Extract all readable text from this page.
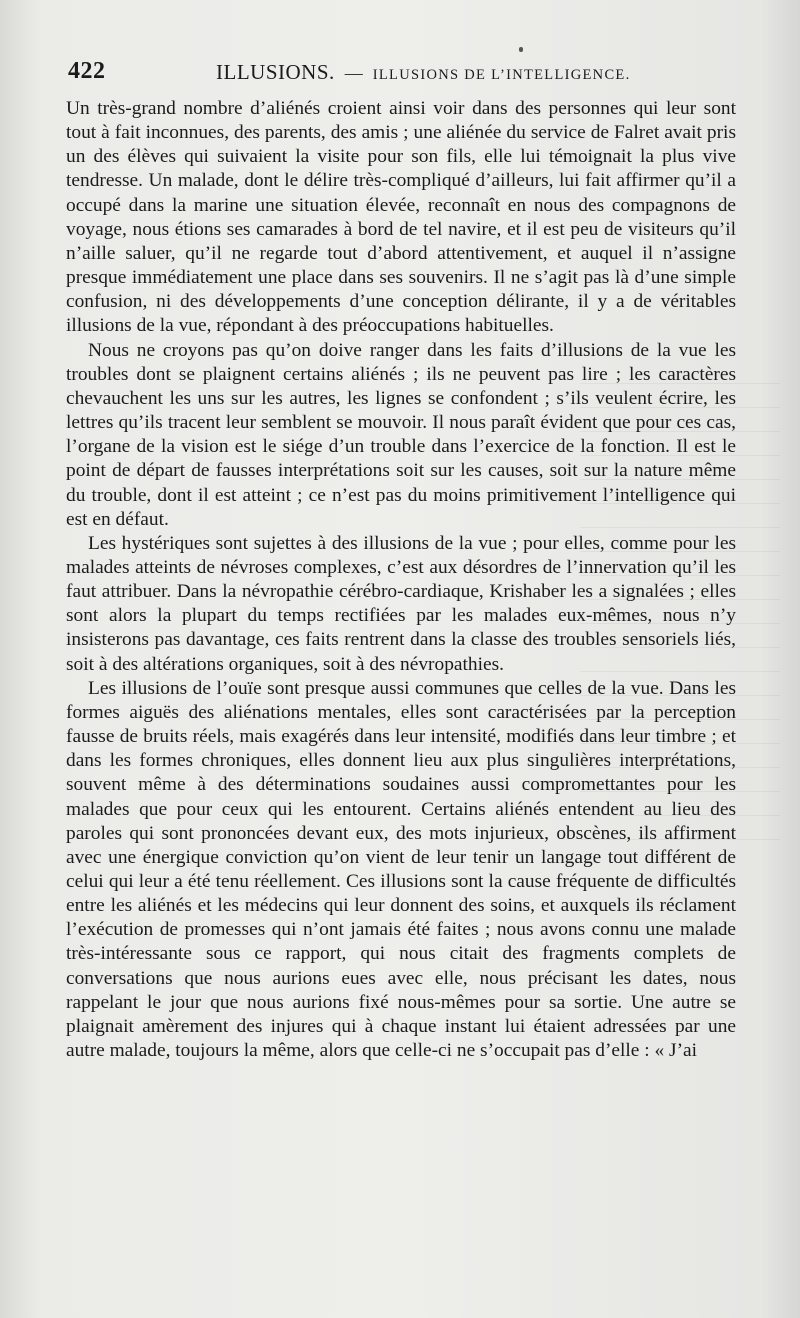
422	ILLUSIONS. — ILLUSIONS DE L’INTELLIGENCE.

Un très-grand nombre d’aliénés croient ainsi voir dans des personnes qui leur sont tout à fait inconnues, des parents, des amis ; une aliénée du service de Falret avait pris un des élèves qui suivaient la visite pour son fils, elle lui témoignait la plus vive tendresse. Un malade, dont le délire très-compliqué d’ailleurs, lui fait affirmer qu’il a occupé dans la marine une situation élevée, reconnaît en nous des compagnons de voyage, nous étions ses camarades à bord de tel navire, et il est peu de visiteurs qu’il n’aille saluer, qu’il ne regarde tout d’abord attentivement, et auquel il n’assigne presque immédiatement une place dans ses souvenirs. Il ne s’agit pas là d’une simple confusion, ni des développements d’une conception délirante, il y a de véritables illusions de la vue, répondant à des préoccupations habituelles.

Nous ne croyons pas qu’on doive ranger dans les faits d’illusions de la vue les troubles dont se plaignent certains aliénés ; ils ne peuvent pas lire ; les caractères chevauchent les uns sur les autres, les lignes se confondent ; s’ils veulent écrire, les lettres qu’ils tracent leur semblent se mouvoir. Il nous paraît évident que pour ces cas, l’organe de la vision est le siége d’un trouble dans l’exercice de la fonction. Il est le point de départ de fausses interprétations soit sur les causes, soit sur la nature même du trouble, dont il est atteint ; ce n’est pas du moins primitivement l’intelligence qui est en défaut.

Les hystériques sont sujettes à des illusions de la vue ; pour elles, comme pour les malades atteints de névroses complexes, c’est aux désordres de l’innervation qu’il les faut attribuer. Dans la névropathie cérébro-cardiaque, Krishaber les a signalées ; elles sont alors la plupart du temps rectifiées par les malades eux-mêmes, nous n’y insisterons pas davantage, ces faits rentrent dans la classe des troubles sensoriels liés, soit à des altérations organiques, soit à des névropathies.

Les illusions de l’ouïe sont presque aussi communes que celles de la vue. Dans les formes aiguës des aliénations mentales, elles sont caractérisées par la perception fausse de bruits réels, mais exagérés dans leur intensité, modifiés dans leur timbre ; et dans les formes chroniques, elles donnent lieu aux plus singulières interprétations, souvent même à des déterminations soudaines aussi compromettantes pour les malades que pour ceux qui les entourent. Certains aliénés entendent au lieu des paroles qui sont prononcées devant eux, des mots injurieux, obscènes, ils affirment avec une énergique conviction qu’on vient de leur tenir un langage tout différent de celui qui leur a été tenu réellement. Ces illusions sont la cause fréquente de difficultés entre les aliénés et les médecins qui leur donnent des soins, et auxquels ils réclament l’exécution de promesses qui n’ont jamais été faites ; nous avons connu une malade très-intéressante sous ce rapport, qui nous citait des fragments complets de conversations que nous aurions eues avec elle, nous précisant les dates, nous rappelant le jour que nous aurions fixé nous-mêmes pour sa sortie. Une autre se plaignait amèrement des injures qui à chaque instant lui étaient adressées par une autre malade, toujours la même, alors que celle-ci ne s’occupait pas d’elle : « J’ai
